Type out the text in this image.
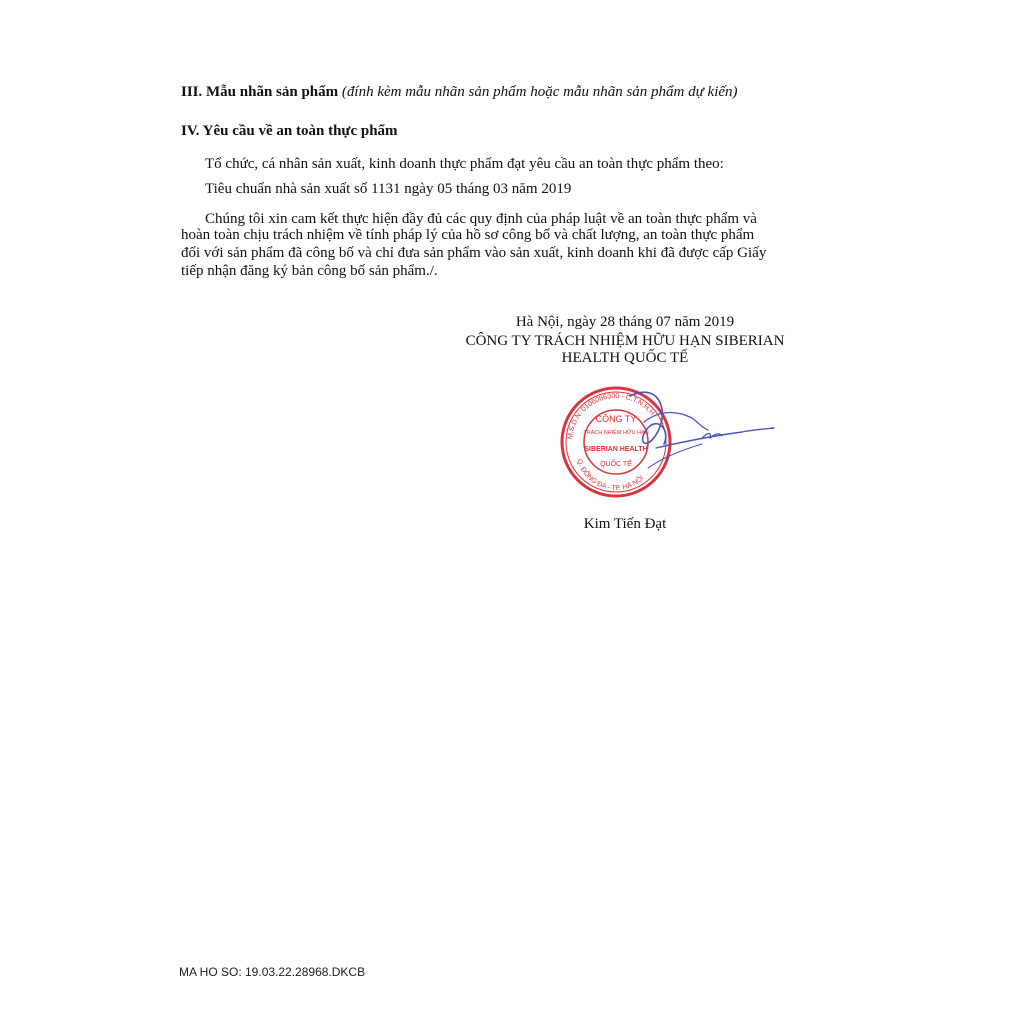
III. Mẫu nhãn sản phẩm (đính kèm mẫu nhãn sản phẩm hoặc mẫu nhãn sản phẩm dự kiến)
IV. Yêu cầu về an toàn thực phẩm
Tổ chức, cá nhân sản xuất, kinh doanh thực phẩm đạt yêu cầu an toàn thực phẩm theo:
Tiêu chuẩn nhà sản xuất số 1131 ngày 05 tháng 03 năm 2019
Chúng tôi xin cam kết thực hiện đầy đủ các quy định của pháp luật về an toàn thực phẩm và
hoàn toàn chịu trách nhiệm về tính pháp lý của hồ sơ công bố và chất lượng, an toàn thực phẩm
đối với sản phẩm đã công bố và chỉ đưa sản phẩm vào sản xuất, kinh doanh khi đã được cấp Giấy
tiếp nhận đăng ký bản công bố sản phẩm./.
Hà Nội, ngày 28 tháng 07 năm 2019
CÔNG TY TRÁCH NHIỆM HỮU HẠN SIBERIAN
HEALTH QUỐC TẾ
M.S.D.N: 0106066300 - C.T.N.H.H
Q. ĐỐNG ĐA - TP. HÀ NỘI
CÔNG TY
TRÁCH NHIỆM HỮU HẠN
SIBERIAN HEALTH
QUỐC TẾ
Kim Tiến Đạt
MA HO SO: 19.03.22.28968.DKCB
